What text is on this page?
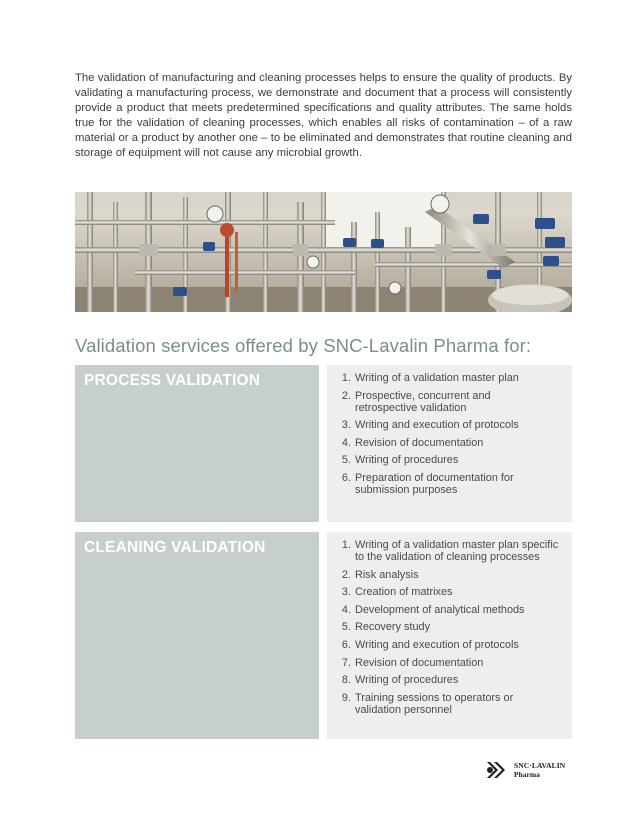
The validation of manufacturing and cleaning processes helps to ensure the quality of products. By validating a manufacturing process, we demonstrate and document that a process will consistently provide a product that meets predetermined specifications and quality attributes. The same holds true for the validation of cleaning processes, which enables all risks of contamination – of a raw material or a product by another one – to be eliminated and demonstrates that routine cleaning and storage of equipment will not cause any microbial growth.

Validation services offered by SNC-Lavalin Pharma for:
PROCESS VALIDATION	1. Writing of a validation master plan
2. Prospective, concurrent and retrospective validation
3. Writing and execution of protocols
4. Revision of documentation
5. Writing of procedures
6. Preparation of documentation for submission purposes
CLEANING VALIDATION	1. Writing of a validation master plan specific to the validation of cleaning processes
2. Risk analysis
3. Creation of matrixes
4. Development of analytical methods
5. Recovery study
6. Writing and execution of protocols
7. Revision of documentation
8. Writing of procedures
9. Training sessions to operators or validation personnel
SNC·LAVALIN
Pharma
